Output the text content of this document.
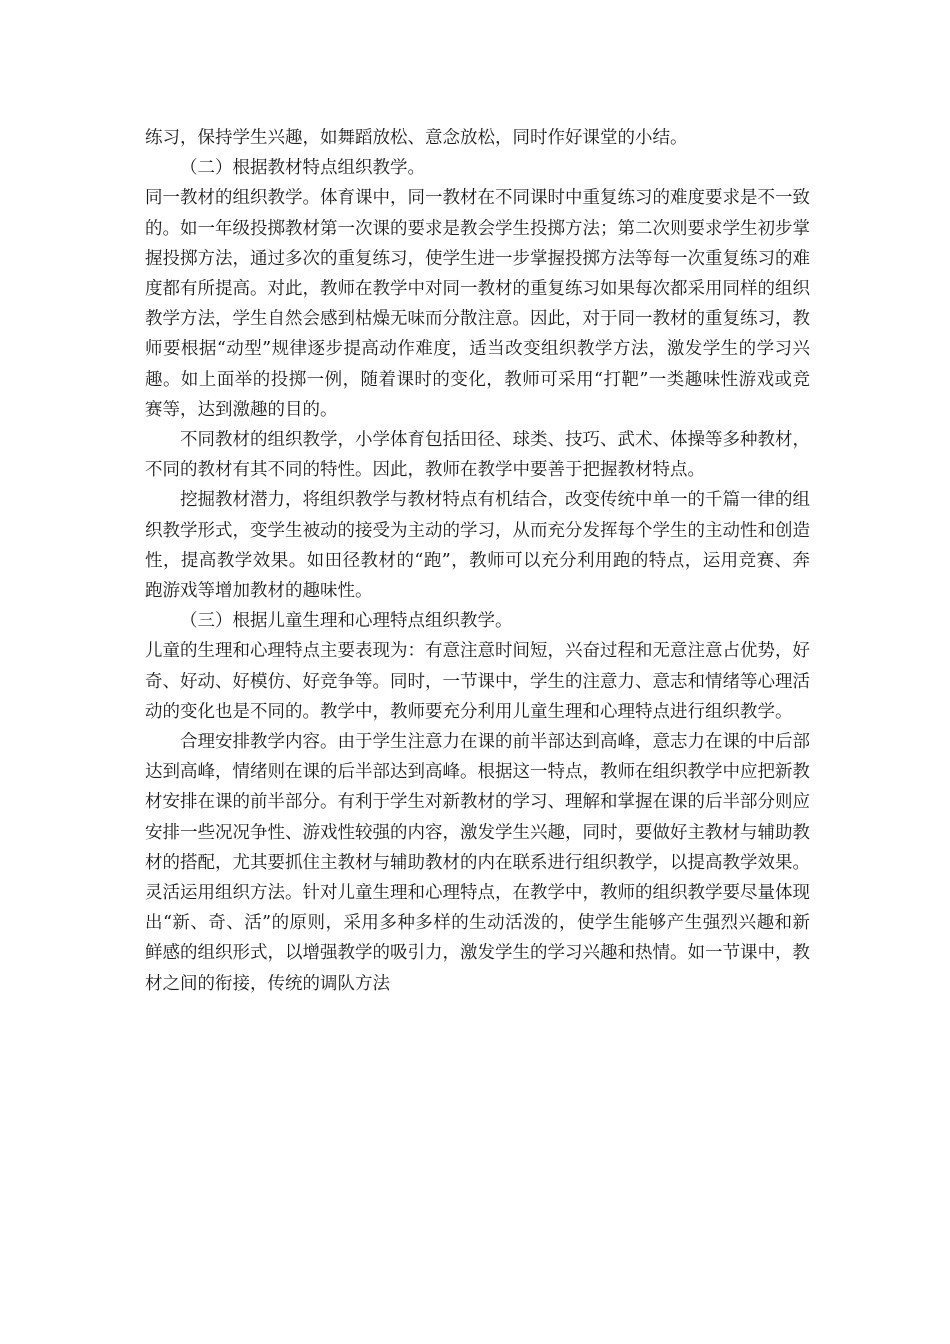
练习，保持学生兴趣，如舞蹈放松、意念放松，同时作好课堂的小结。

（二）根据教材特点组织教学。

同一教材的组织教学。体育课中，同一教材在不同课时中重复练习的难度要求是不一致的。如一年级投掷教材第一次课的要求是教会学生投掷方法；第二次则要求学生初步掌握投掷方法，通过多次的重复练习，使学生进一步掌握投掷方法等每一次重复练习的难度都有所提高。对此，教师在教学中对同一教材的重复练习如果每次都采用同样的组织教学方法，学生自然会感到枯燥无味而分散注意。因此，对于同一教材的重复练习，教师要根据“动型”规律逐步提高动作难度，适当改变组织教学方法，激发学生的学习兴趣。如上面举的投掷一例，随着课时的变化，教师可采用“打靶”一类趣味性游戏或竞赛等，达到激趣的目的。

不同教材的组织教学，小学体育包括田径、球类、技巧、武术、体操等多种教材，不同的教材有其不同的特性。因此，教师在教学中要善于把握教材特点。

挖掘教材潜力，将组织教学与教材特点有机结合，改变传统中单一的千篇一律的组织教学形式，变学生被动的接受为主动的学习，从而充分发挥每个学生的主动性和创造性，提高教学效果。如田径教材的“跑”，教师可以充分利用跑的特点，运用竞赛、奔跑游戏等增加教材的趣味性。

（三）根据儿童生理和心理特点组织教学。

儿童的生理和心理特点主要表现为：有意注意时间短，兴奋过程和无意注意占优势，好奇、好动、好模仿、好竞争等。同时，一节课中，学生的注意力、意志和情绪等心理活动的变化也是不同的。教学中，教师要充分利用儿童生理和心理特点进行组织教学。

合理安排教学内容。由于学生注意力在课的前半部达到高峰，意志力在课的中后部达到高峰，情绪则在课的后半部达到高峰。根据这一特点，教师在组织教学中应把新教材安排在课的前半部分。有利于学生对新教材的学习、理解和掌握在课的后半部分则应安排一些况况争性、游戏性较强的内容，激发学生兴趣，同时，要做好主教材与辅助教材的搭配，尤其要抓住主教材与辅助教材的内在联系进行组织教学，以提高教学效果。灵活运用组织方法。针对儿童生理和心理特点，在教学中，教师的组织教学要尽量体现出“新、奇、活”的原则，采用多种多样的生动活泼的，使学生能够产生强烈兴趣和新鲜感的组织形式，以增强教学的吸引力，激发学生的学习兴趣和热情。如一节课中，教材之间的衔接，传统的调队方法
